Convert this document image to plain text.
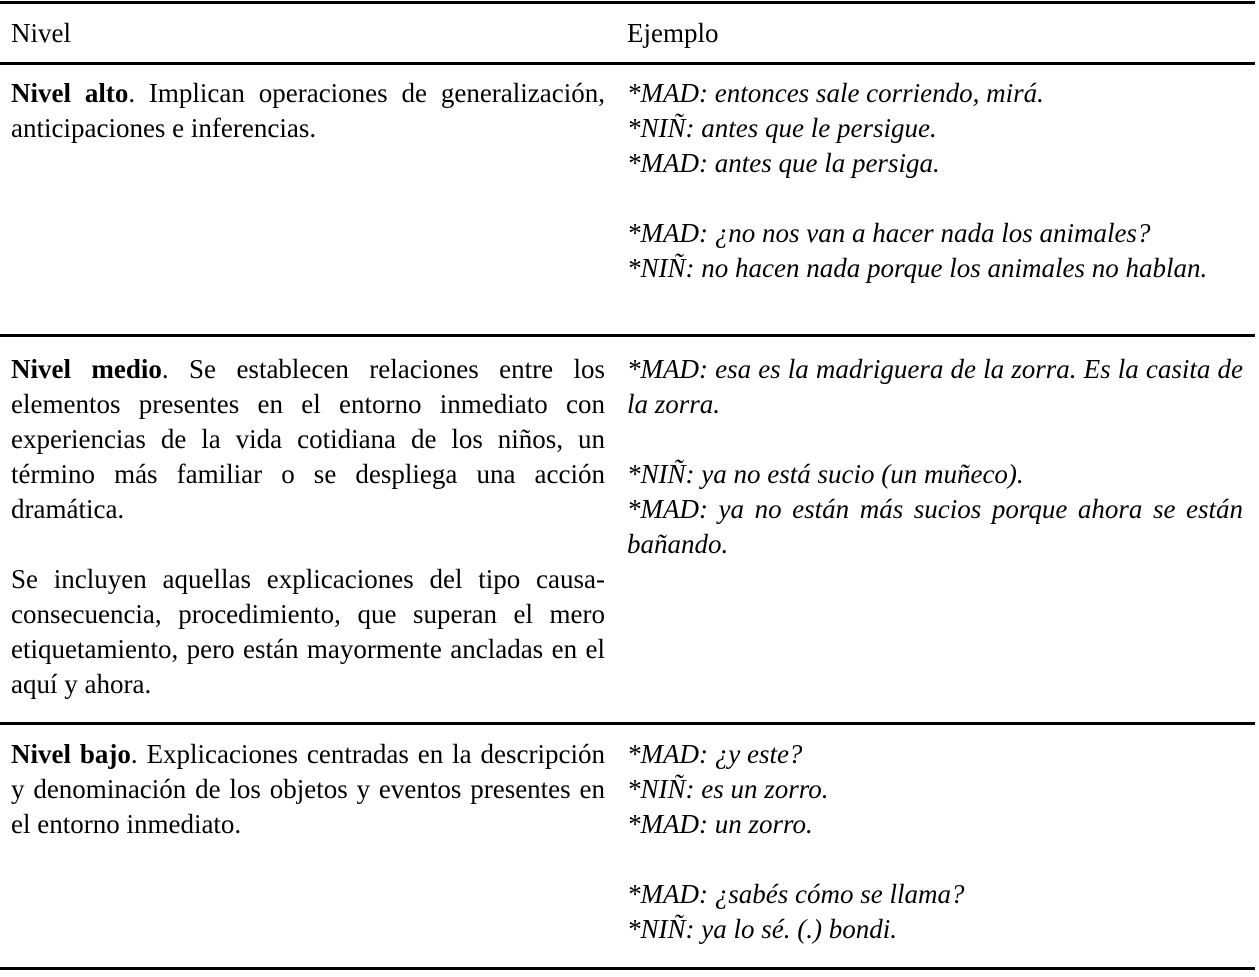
Nivel	Ejemplo

Nivel alto. Implican operaciones de generalización, anticipaciones e inferencias.

*MAD: entonces sale corriendo, mirá.

*NIÑ: antes que le persigue.

*MAD: antes que la persiga.

*MAD: ¿no nos van a hacer nada los animales?

*NIÑ: no hacen nada porque los animales no hablan.

Nivel medio. Se establecen relaciones entre los elementos presentes en el entorno inmediato con experiencias de la vida cotidiana de los niños, un término más familiar o se despliega una acción dramática.

Se incluyen aquellas explicaciones del tipo causa-consecuencia, procedimiento, que superan el mero etiquetamiento, pero están mayormente ancladas en el aquí y ahora.

*MAD: esa es la madriguera de la zorra. Es la casita de la zorra.

*NIÑ: ya no está sucio (un muñeco).

*MAD: ya no están más sucios porque ahora se están bañando.

Nivel bajo. Explicaciones centradas en la descripción y denominación de los objetos y eventos presentes en el entorno inmediato.

*MAD: ¿y este?

*NIÑ: es un zorro.

*MAD: un zorro.

*MAD: ¿sabés cómo se llama?

*NIÑ: ya lo sé. (.) bondi.
